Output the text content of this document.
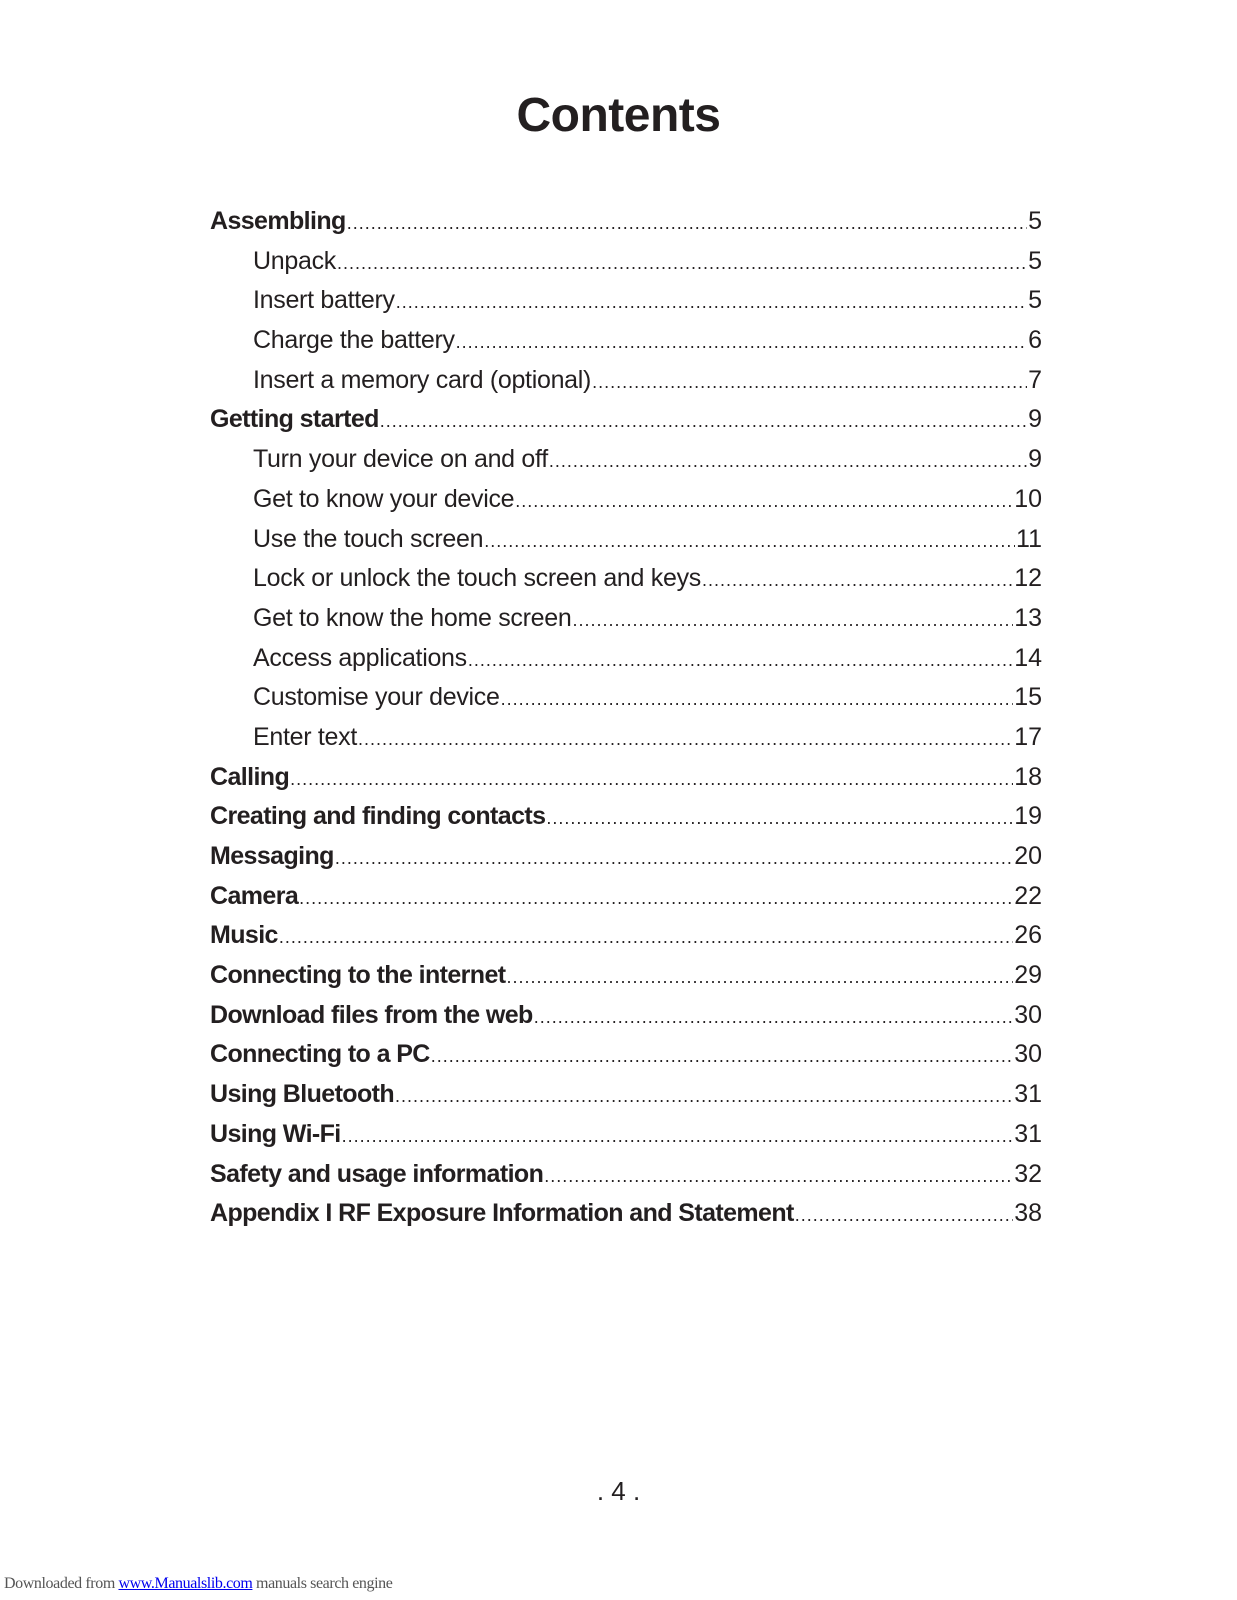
Contents
Assembling .....	5
Unpack .....	5
Insert battery .....	5
Charge the battery .....	6
Insert a memory card (optional) .....	7
Getting started .....	9
Turn your device on and off .....	9
Get to know your device .....	10
Use the touch screen .....	11
Lock or unlock the touch screen and keys .....	12
Get to know the home screen .....	13
Access applications .....	14
Customise your device .....	15
Enter text .....	17
Calling .....	18
Creating and finding contacts .....	19
Messaging .....	20
Camera .....	22
Music .....	26
Connecting to the internet .....	29
Download files from the web .....	30
Connecting to a PC .....	30
Using Bluetooth .....	31
Using Wi-Fi .....	31
Safety and usage information .....	32
Appendix I RF Exposure Information and Statement .....	38
. 4 .
Downloaded from www.Manualslib.com manuals search engine
